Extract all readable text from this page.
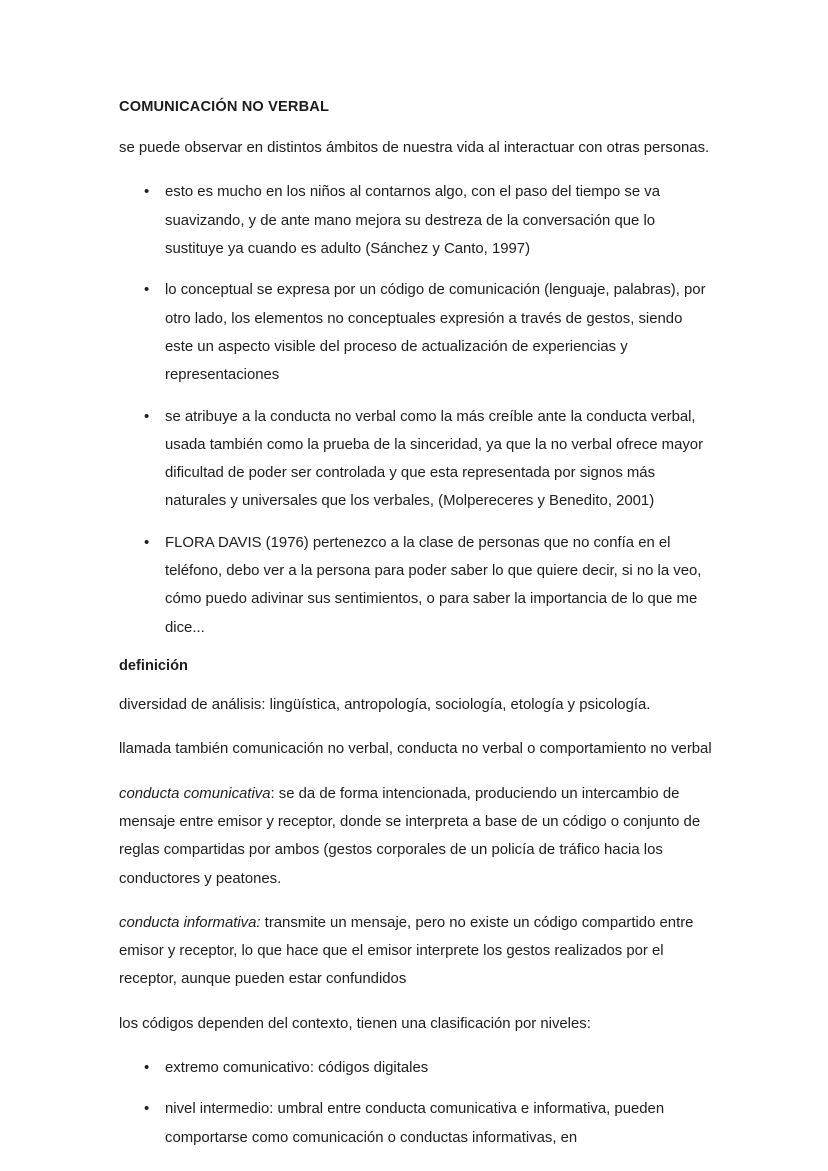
COMUNICACIÓN NO VERBAL

se puede observar en distintos ámbitos de nuestra vida al interactuar con otras personas.

• esto es mucho en los niños al contarnos algo, con el paso del tiempo se va suavizando, y de ante mano mejora su destreza de la conversación que lo sustituye ya cuando es adulto (Sánchez y Canto, 1997)
• lo conceptual se expresa por un código de comunicación (lenguaje, palabras), por otro lado, los elementos no conceptuales expresión a través de gestos, siendo este un aspecto visible del proceso de actualización de experiencias y representaciones
• se atribuye a la conducta no verbal como la más creíble ante la conducta verbal, usada también como la prueba de la sinceridad, ya que la no verbal ofrece mayor dificultad de poder ser controlada y que esta representada por signos más naturales y universales que los verbales, (Molpereceres y Benedito, 2001)
• FLORA DAVIS (1976) pertenezco a la clase de personas que no confía en el teléfono, debo ver a la persona para poder saber lo que quiere decir, si no la veo, cómo puedo adivinar sus sentimientos, o para saber la importancia de lo que me dice...
definición

diversidad de análisis: lingüística, antropología, sociología, etología y psicología.

llamada también comunicación no verbal, conducta no verbal o comportamiento no verbal

conducta comunicativa: se da de forma intencionada, produciendo un intercambio de mensaje entre emisor y receptor, donde se interpreta a base de un código o conjunto de reglas compartidas por ambos (gestos corporales de un policía de tráfico hacia los conductores y peatones.

conducta informativa: transmite un mensaje, pero no existe un código compartido entre emisor y receptor, lo que hace que el emisor interprete los gestos realizados por el receptor, aunque pueden estar confundidos

los códigos dependen del contexto, tienen una clasificación por niveles:

• extremo comunicativo: códigos digitales
• nivel intermedio: umbral entre conducta comunicativa e informativa, pueden comportarse como comunicación o conductas informativas, en
